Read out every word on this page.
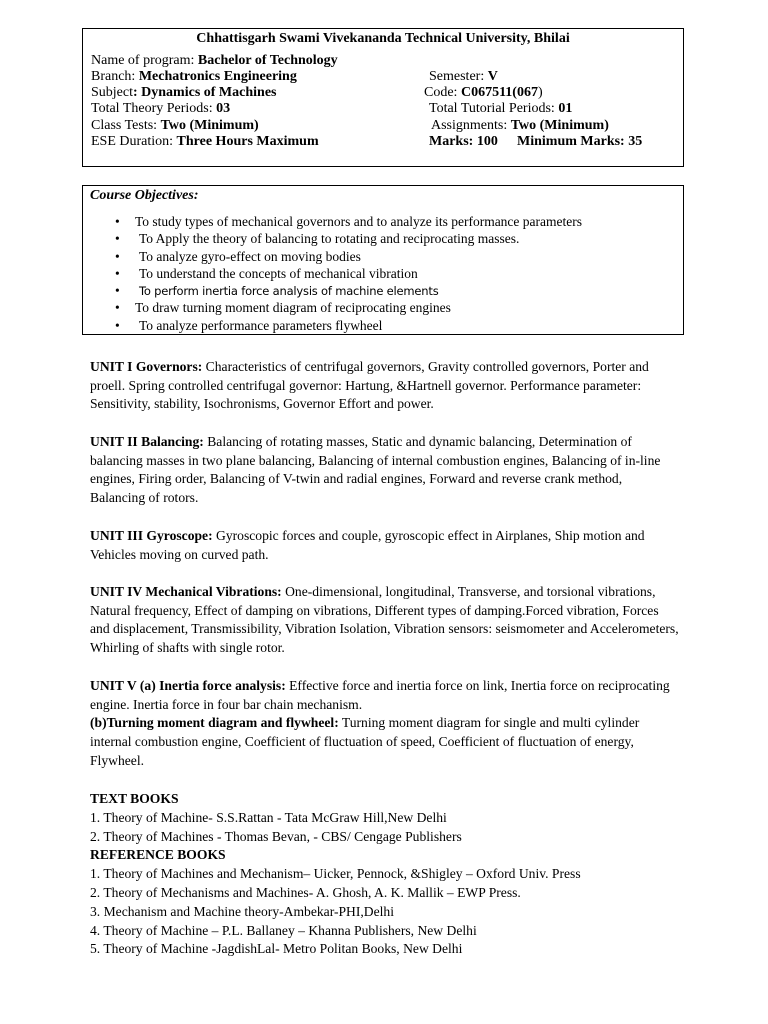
Chhattisgarh Swami Vivekananda Technical University, Bhilai
Name of program: Bachelor of Technology
Branch: Mechatronics Engineering	Semester: V
Subject: Dynamics of Machines	Code: C067511(067)
Total Theory Periods: 03	Total Tutorial Periods: 01
Class Tests: Two (Minimum)	Assignments: Two (Minimum)
ESE Duration: Three Hours Maximum	Marks: 100 Minimum Marks: 35
Course Objectives:
• To study types of mechanical governors and to analyze its performance parameters
• To Apply the theory of balancing to rotating and reciprocating masses.
• To analyze gyro-effect on moving bodies
• To understand the concepts of mechanical vibration
• To perform inertia force analysis of machine elements
• To draw turning moment diagram of reciprocating engines
• To analyze performance parameters flywheel
UNIT I Governors: Characteristics of centrifugal governors, Gravity controlled governors, Porter and proell. Spring controlled centrifugal governor: Hartung, &Hartnell governor. Performance parameter: Sensitivity, stability, Isochronisms, Governor Effort and power.
UNIT II Balancing: Balancing of rotating masses, Static and dynamic balancing, Determination of balancing masses in two plane balancing, Balancing of internal combustion engines, Balancing of in-line engines, Firing order, Balancing of V-twin and radial engines, Forward and reverse crank method, Balancing of rotors.
UNIT III Gyroscope: Gyroscopic forces and couple, gyroscopic effect in Airplanes, Ship motion and Vehicles moving on curved path.
UNIT IV Mechanical Vibrations: One-dimensional, longitudinal, Transverse, and torsional vibrations, Natural frequency, Effect of damping on vibrations, Different types of damping.Forced vibration, Forces and displacement, Transmissibility, Vibration Isolation, Vibration sensors: seismometer and Accelerometers, Whirling of shafts with single rotor.
UNIT V (a) Inertia force analysis: Effective force and inertia force on link, Inertia force on reciprocating engine. Inertia force in four bar chain mechanism.
(b)Turning moment diagram and flywheel: Turning moment diagram for single and multi cylinder internal combustion engine, Coefficient of fluctuation of speed, Coefficient of fluctuation of energy, Flywheel.
TEXT BOOKS
1. Theory of Machine- S.S.Rattan - Tata McGraw Hill,New Delhi
2. Theory of Machines - Thomas Bevan, - CBS/ Cengage Publishers
REFERENCE BOOKS
1. Theory of Machines and Mechanism– Uicker, Pennock, &Shigley – Oxford Univ. Press
2. Theory of Mechanisms and Machines- A. Ghosh, A. K. Mallik – EWP Press.
3. Mechanism and Machine theory-Ambekar-PHI,Delhi
4. Theory of Machine – P.L. Ballaney – Khanna Publishers, New Delhi
5. Theory of Machine -JagdishLal- Metro Politan Books, New Delhi
